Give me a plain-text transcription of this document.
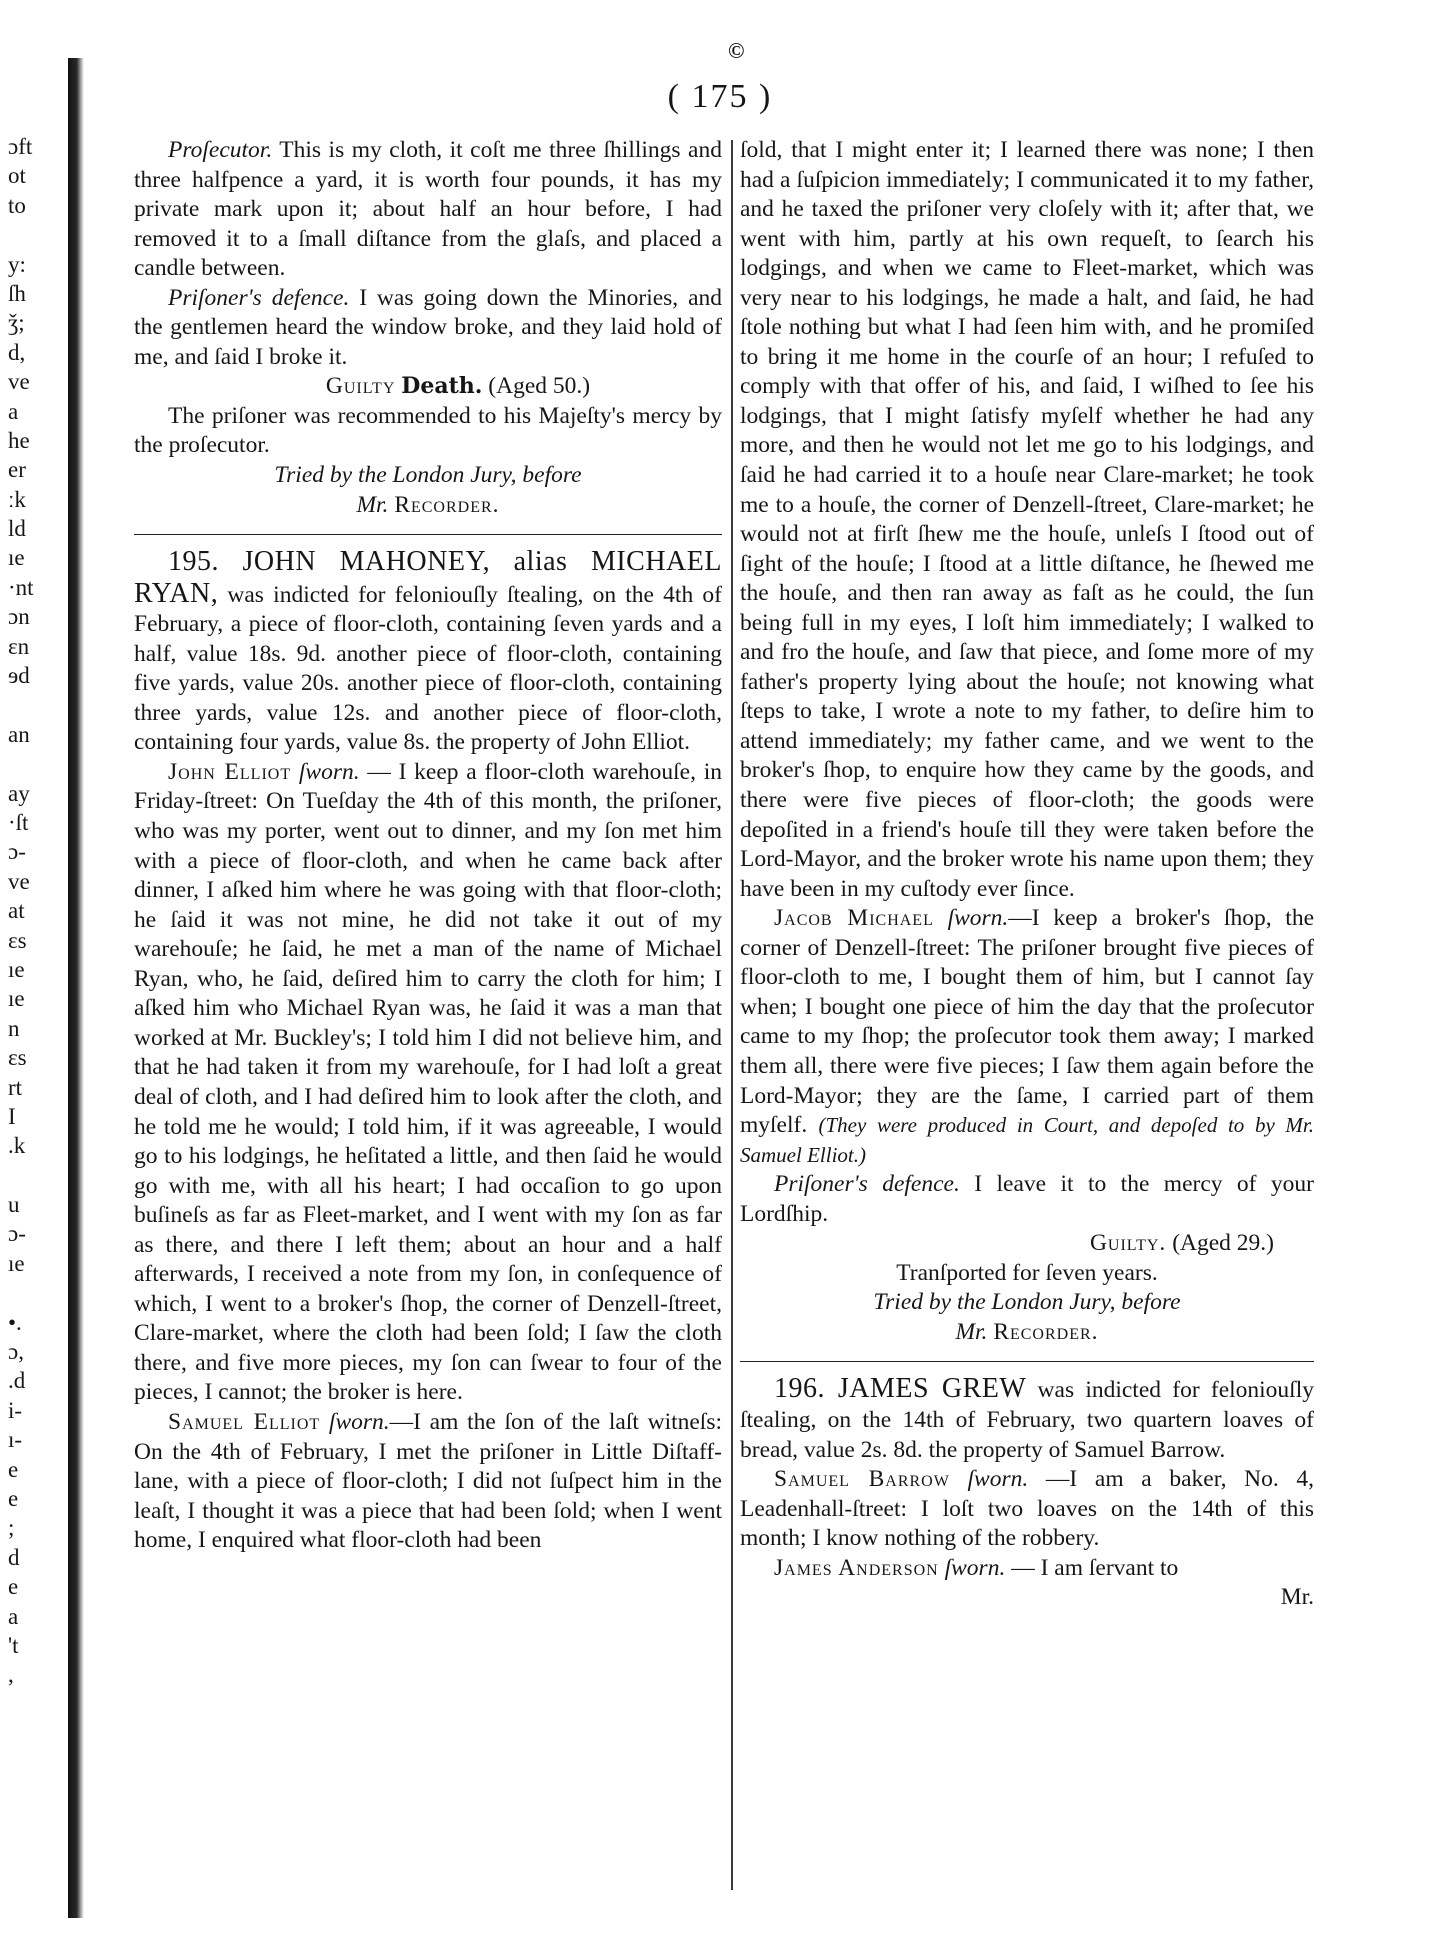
ɔft
ot
to
y:
ſh
ǯ;
d,
ve
a
he
er
ːk
ld
ıe
·nt
ɔn
ɛn
ɘd
an
ay
·ſt
ɔ-
ve
at
ɛs
ıe
ıe
n
ɛs
rt
I
.k
u
ɔ-
ıe
•.
ɔ,
.d
i-
ı-
e
e
;
d
e
a
't
,
©
( 175 )

Proſecutor. This is my cloth, it coſt me three ſhillings and three halfpence a yard, it is worth four pounds, it has my private mark upon it; about half an hour before, I had removed it to a ſmall diſtance from the glaſs, and placed a candle between.

Priſoner's defence. I was going down the Minories, and the gentlemen heard the window broke, and they laid hold of me, and ſaid I broke it.

Guilty Death. (Aged 50.)

The priſoner was recommended to his Majeſty's mercy by the proſecutor.

Tried by the London Jury, before

Mr. Recorder.

195. JOHN MAHONEY, alias MICHAEL RYAN, was indicted for feloniouſly ſtealing, on the 4th of February, a piece of floor-cloth, containing ſeven yards and a half, value 18s. 9d. another piece of floor-cloth, containing five yards, value 20s. another piece of floor-cloth, containing three yards, value 12s. and another piece of floor-cloth, containing four yards, value 8s. the property of John Elliot.

John Elliot ſworn. — I keep a floor-cloth warehouſe, in Friday-ſtreet: On Tueſday the 4th of this month, the priſoner, who was my porter, went out to dinner, and my ſon met him with a piece of floor-cloth, and when he came back after dinner, I aſked him where he was going with that floor-cloth; he ſaid it was not mine, he did not take it out of my warehouſe; he ſaid, he met a man of the name of Michael Ryan, who, he ſaid, deſired him to carry the cloth for him; I aſked him who Michael Ryan was, he ſaid it was a man that worked at Mr. Buckley's; I told him I did not believe him, and that he had taken it from my warehouſe, for I had loſt a great deal of cloth, and I had deſired him to look after the cloth, and he told me he would; I told him, if it was agreeable, I would go to his lodgings, he heſitated a little, and then ſaid he would go with me, with all his heart; I had occaſion to go upon buſineſs as far as Fleet-market, and I went with my ſon as far as there, and there I left them; about an hour and a half afterwards, I received a note from my ſon, in conſequence of which, I went to a broker's ſhop, the corner of Denzell-ſtreet, Clare-market, where the cloth had been ſold; I ſaw the cloth there, and five more pieces, my ſon can ſwear to four of the pieces, I cannot; the broker is here.

Samuel Elliot ſworn.—I am the ſon of the laſt witneſs: On the 4th of February, I met the priſoner in Little Diſtaff-lane, with a piece of floor-cloth; I did not ſuſpect him in the leaſt, I thought it was a piece that had been ſold; when I went home, I enquired what floor-cloth had been

ſold, that I might enter it; I learned there was none; I then had a ſuſpicion immediately; I communicated it to my father, and he taxed the priſoner very cloſely with it; after that, we went with him, partly at his own requeſt, to ſearch his lodgings, and when we came to Fleet-market, which was very near to his lodgings, he made a halt, and ſaid, he had ſtole nothing but what I had ſeen him with, and he promiſed to bring it me home in the courſe of an hour; I refuſed to comply with that offer of his, and ſaid, I wiſhed to ſee his lodgings, that I might ſatisfy myſelf whether he had any more, and then he would not let me go to his lodgings, and ſaid he had carried it to a houſe near Clare-market; he took me to a houſe, the corner of Denzell-ſtreet, Clare-market; he would not at firſt ſhew me the houſe, unleſs I ſtood out of ſight of the houſe; I ſtood at a little diſtance, he ſhewed me the houſe, and then ran away as faſt as he could, the ſun being full in my eyes, I loſt him immediately; I walked to and fro the houſe, and ſaw that piece, and ſome more of my father's property lying about the houſe; not knowing what ſteps to take, I wrote a note to my father, to deſire him to attend immediately; my father came, and we went to the broker's ſhop, to enquire how they came by the goods, and there were five pieces of floor-cloth; the goods were depoſited in a friend's houſe till they were taken before the Lord-Mayor, and the broker wrote his name upon them; they have been in my cuſtody ever ſince.

Jacob Michael ſworn.—I keep a broker's ſhop, the corner of Denzell-ſtreet: The priſoner brought five pieces of floor-cloth to me, I bought them of him, but I cannot ſay when; I bought one piece of him the day that the proſecutor came to my ſhop; the proſecutor took them away; I marked them all, there were five pieces; I ſaw them again before the Lord-Mayor; they are the ſame, I carried part of them myſelf. (They were produced in Court, and depoſed to by Mr. Samuel Elliot.)

Priſoner's defence. I leave it to the mercy of your Lordſhip.

Guilty. (Aged 29.)

Tranſported for ſeven years.

Tried by the London Jury, before

Mr. Recorder.

196. JAMES GREW was indicted for feloniouſly ſtealing, on the 14th of February, two quartern loaves of bread, value 2s. 8d. the property of Samuel Barrow.

Samuel Barrow ſworn. —I am a baker, No. 4, Leadenhall-ſtreet: I loſt two loaves on the 14th of this month; I know nothing of the robbery.

James Anderson ſworn. — I am ſervant to

Mr.
